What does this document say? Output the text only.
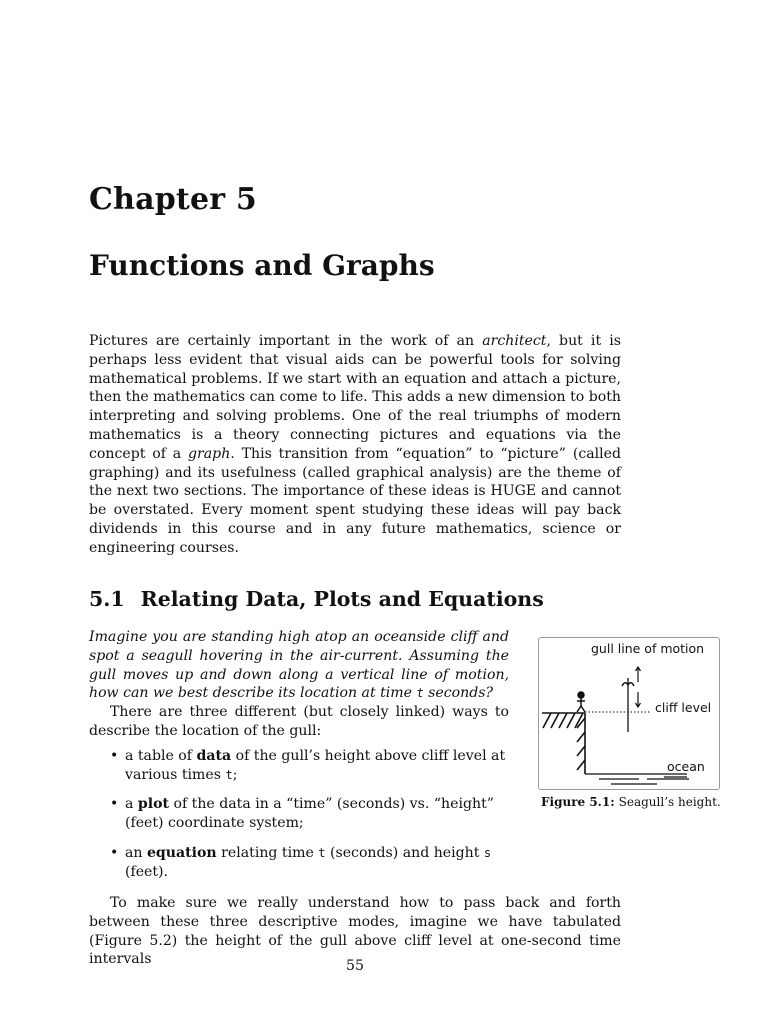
Chapter 5
Functions and Graphs

Pictures are certainly important in the work of an architect, but it is perhaps less evident that visual aids can be powerful tools for solving mathematical problems. If we start with an equation and attach a picture, then the mathematics can come to life. This adds a new dimension to both interpreting and solving problems. One of the real triumphs of modern mathematics is a theory connecting pictures and equations via the concept of a graph. This transition from “equation” to “picture” (called graphing) and its usefulness (called graphical analysis) are the theme of the next two sections. The importance of these ideas is HUGE and cannot be overstated. Every moment spent studying these ideas will pay back dividends in this course and in any future mathematics, science or engineering courses.

5.1 Relating Data, Plots and Equations

Imagine you are standing high atop an oceanside cliff and spot a seagull hovering in the air-current. Assuming the gull moves up and down along a vertical line of motion, how can we best describe its location at time t seconds?

There are three different (but closely linked) ways to describe the location of the gull:

• a table of data of the gull’s height above cliff level at various times t;
• a plot of the data in a “time” (seconds) vs. “height” (feet) coordinate system;
• an equation relating time t (seconds) and height s (feet).
gull line of motion
cliff level
ocean
Figure 5.1: Seagull’s height.

To make sure we really understand how to pass back and forth between these three descriptive modes, imagine we have tabulated (Figure 5.2) the height of the gull above cliff level at one-second time intervals	55
